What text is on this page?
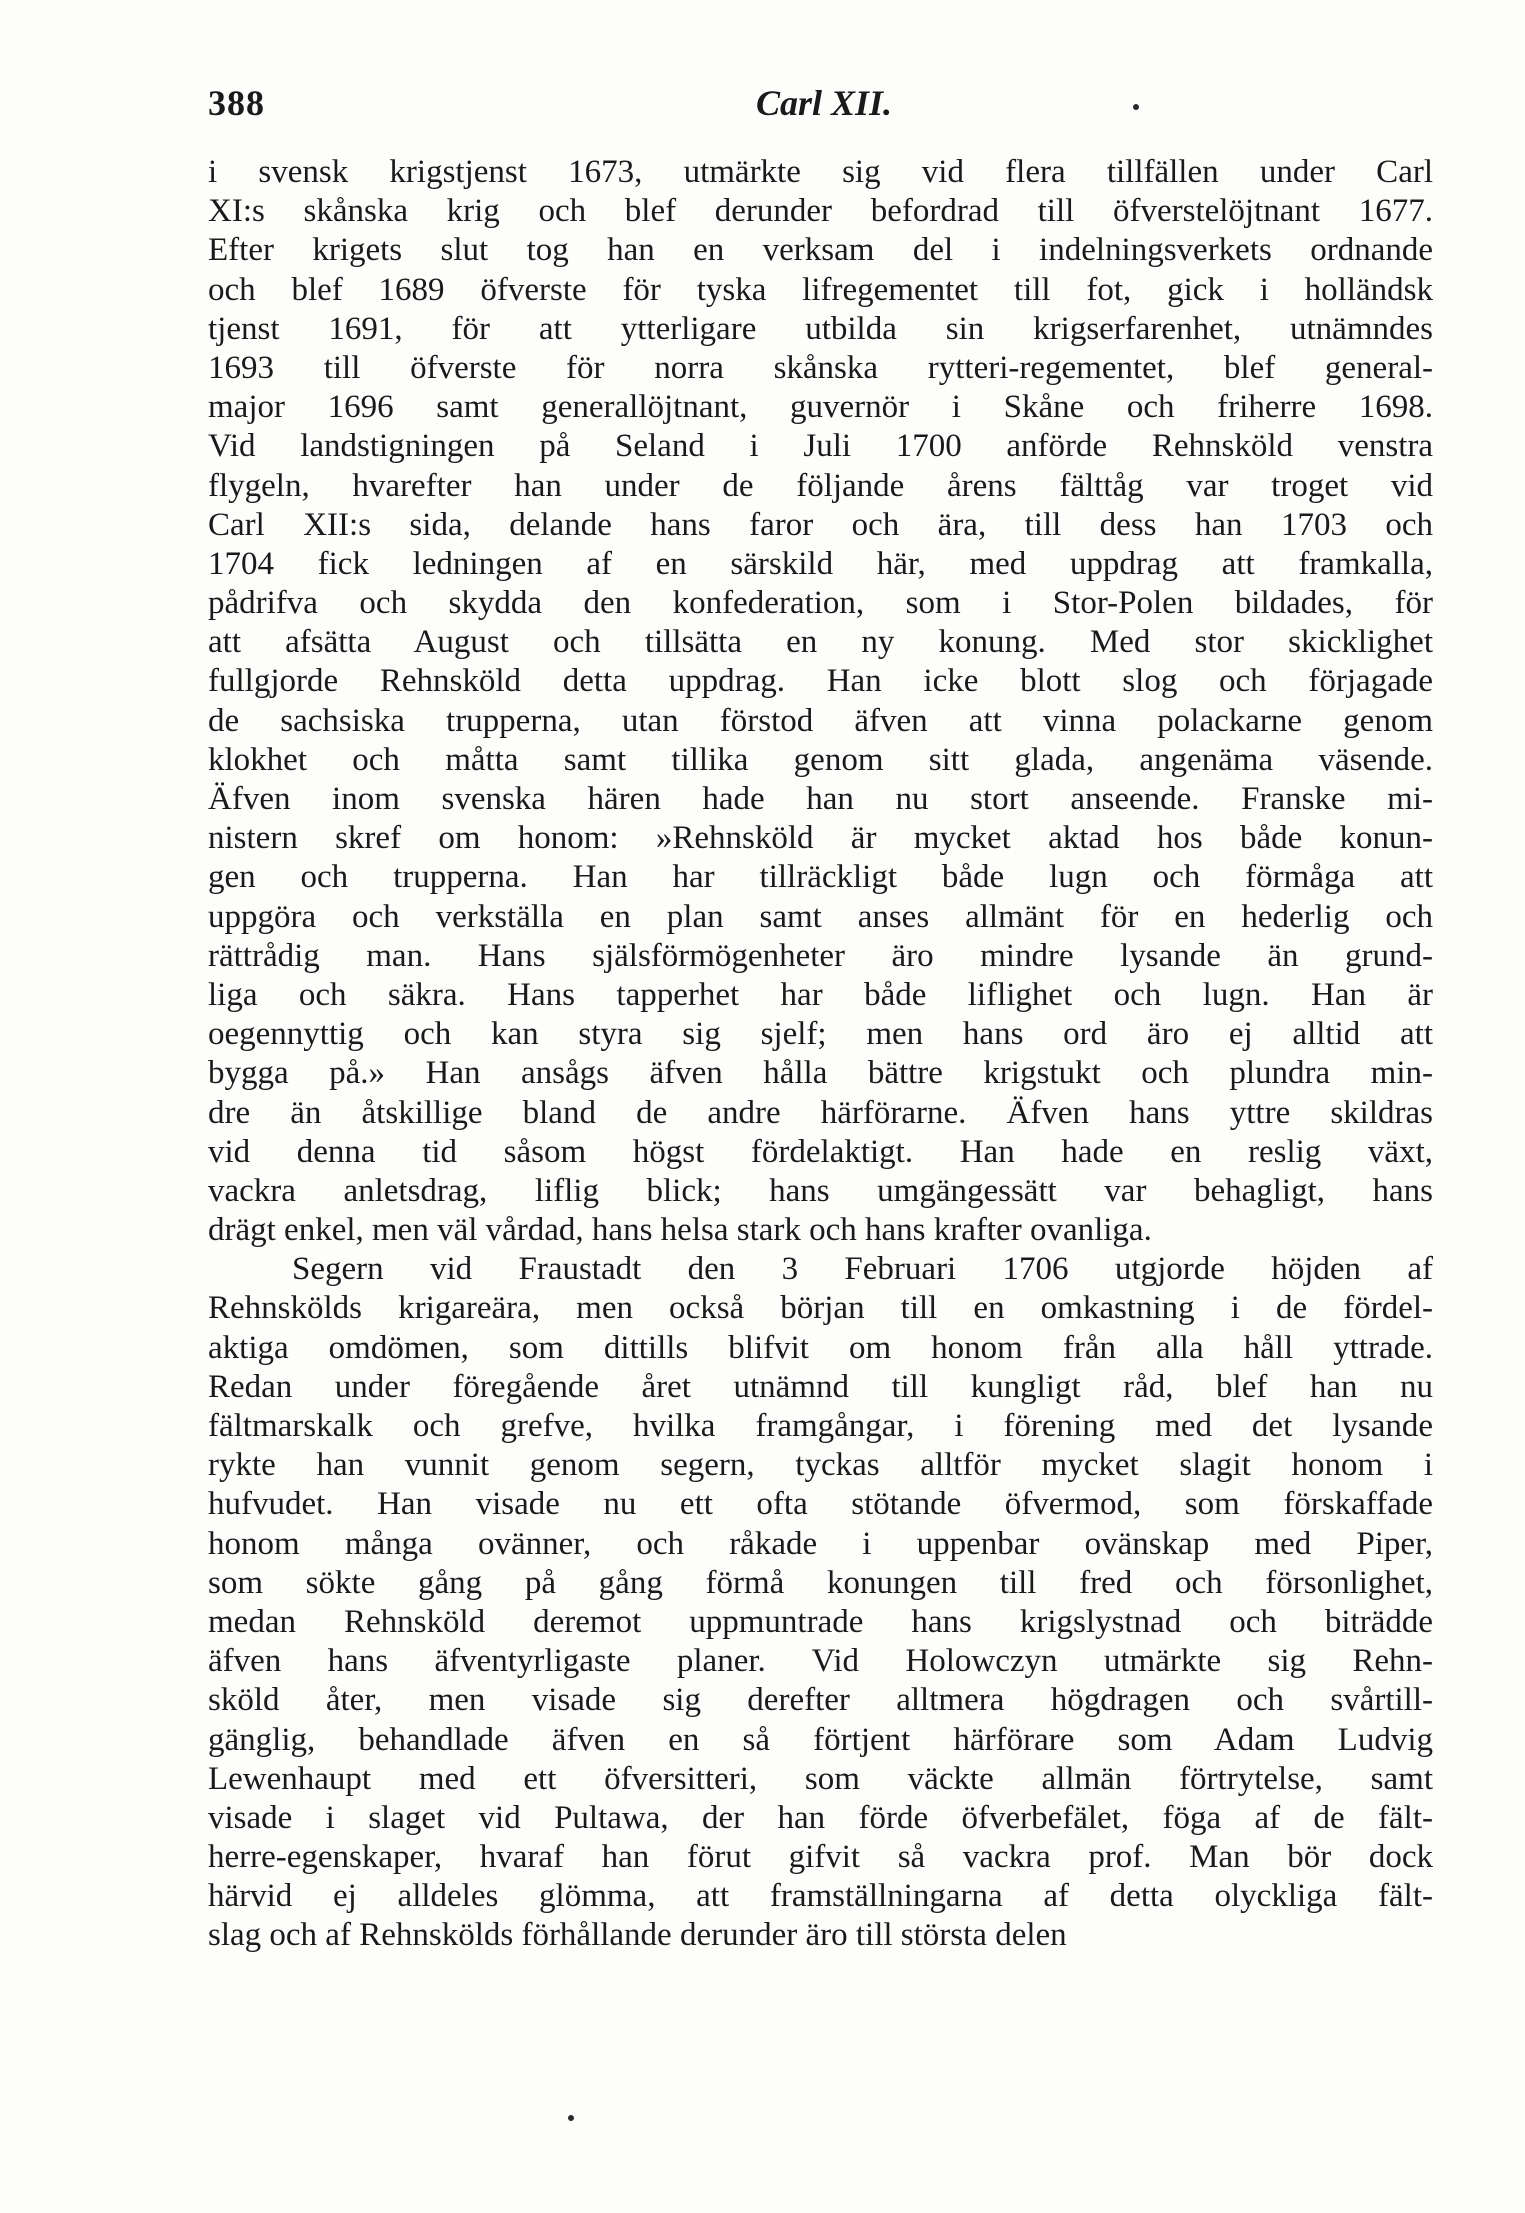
388	Carl XII.
i svensk krigstjenst 1673, utmärkte sig vid flera tillfällen under Carl
XI:s skånska krig och blef derunder befordrad till öfverstelöjtnant 1677.
Efter krigets slut tog han en verksam del i indelningsverkets ordnande
och blef 1689 öfverste för tyska lifregementet till fot, gick i holländsk
tjenst 1691, för att ytterligare utbilda sin krigserfarenhet, utnämndes
1693 till öfverste för norra skånska rytteri-regementet, blef general-
major 1696 samt generallöjtnant, guvernör i Skåne och friherre 1698.
Vid landstigningen på Seland i Juli 1700 anförde Rehnsköld venstra
flygeln, hvarefter han under de följande årens fälttåg var troget vid
Carl XII:s sida, delande hans faror och ära, till dess han 1703 och
1704 fick ledningen af en särskild här, med uppdrag att framkalla,
pådrifva och skydda den konfederation, som i Stor-Polen bildades, för
att afsätta August och tillsätta en ny konung. Med stor skicklighet
fullgjorde Rehnsköld detta uppdrag. Han icke blott slog och förjagade
de sachsiska trupperna, utan förstod äfven att vinna polackarne genom
klokhet och måtta samt tillika genom sitt glada, angenäma väsende.
Äfven inom svenska hären hade han nu stort anseende. Franske mi-
nistern skref om honom: »Rehnsköld är mycket aktad hos både konun-
gen och trupperna. Han har tillräckligt både lugn och förmåga att
uppgöra och verkställa en plan samt anses allmänt för en hederlig och
rättrådig man. Hans själsförmögenheter äro mindre lysande än grund-
liga och säkra. Hans tapperhet har både liflighet och lugn. Han är
oegennyttig och kan styra sig sjelf; men hans ord äro ej alltid att
bygga på.» Han ansågs äfven hålla bättre krigstukt och plundra min-
dre än åtskillige bland de andre härförarne. Äfven hans yttre skildras
vid denna tid såsom högst fördelaktigt. Han hade en reslig växt,
vackra anletsdrag, liflig blick; hans umgängessätt var behagligt, hans
drägt enkel, men väl vårdad, hans helsa stark och hans krafter ovanliga.
Segern vid Fraustadt den 3 Februari 1706 utgjorde höjden af
Rehnskölds krigareära, men också början till en omkastning i de fördel-
aktiga omdömen, som dittills blifvit om honom från alla håll yttrade.
Redan under föregående året utnämnd till kungligt råd, blef han nu
fältmarskalk och grefve, hvilka framgångar, i förening med det lysande
rykte han vunnit genom segern, tyckas alltför mycket slagit honom i
hufvudet. Han visade nu ett ofta stötande öfvermod, som förskaffade
honom många ovänner, och råkade i uppenbar ovänskap med Piper,
som sökte gång på gång förmå konungen till fred och försonlighet,
medan Rehnsköld deremot uppmuntrade hans krigslystnad och biträdde
äfven hans äfventyrligaste planer. Vid Holowczyn utmärkte sig Rehn-
sköld åter, men visade sig derefter alltmera högdragen och svårtill-
gänglig, behandlade äfven en så förtjent härförare som Adam Ludvig
Lewenhaupt med ett öfversitteri, som väckte allmän förtrytelse, samt
visade i slaget vid Pultawa, der han förde öfverbefälet, föga af de fält-
herre-egenskaper, hvaraf han förut gifvit så vackra prof. Man bör dock
härvid ej alldeles glömma, att framställningarna af detta olyckliga fält-
slag och af Rehnskölds förhållande derunder äro till största delen
